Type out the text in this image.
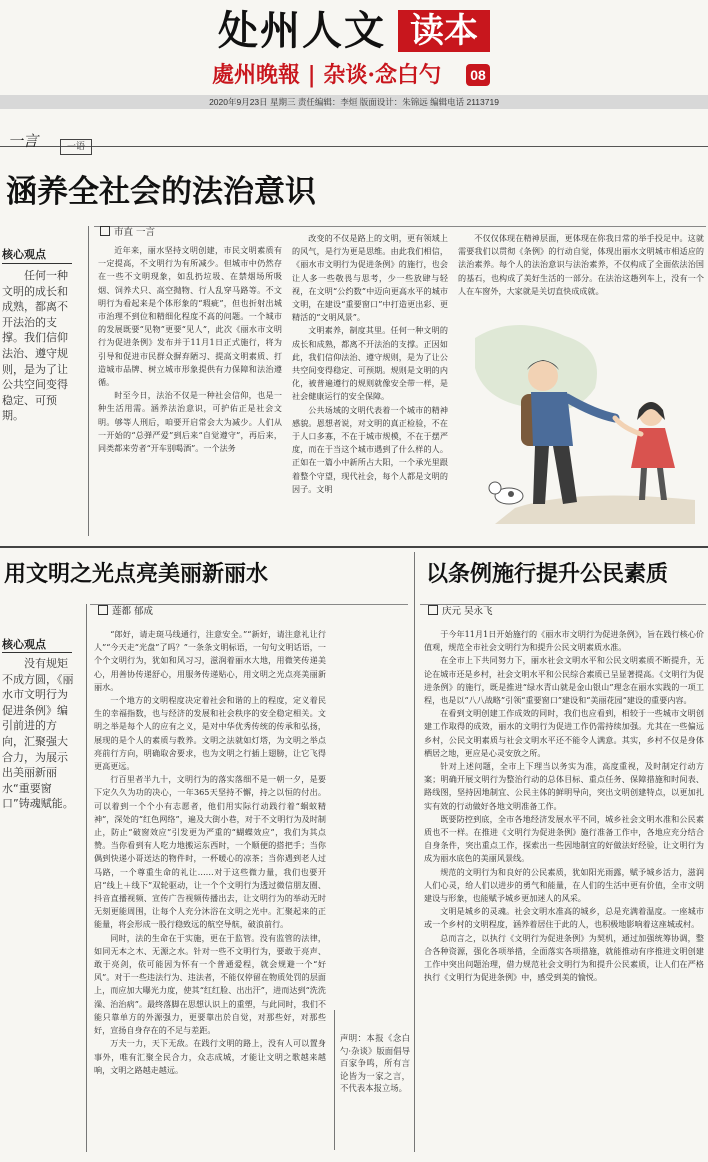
处州人文 读本
處州晚報 | 杂谈·念白勺	08
2020年9月23日 星期三 责任编辑：李烜 版面设计：朱锦远 编辑电话 2113719
一言	一语
涵养全社会的法治意识
市直 一言
核心观点
任何一种文明的成长和成熟，都离不开法治的支撑。我们信仰法治、遵守规则，是为了让公共空间变得稳定、可预期。

近年来，丽水坚持文明创建，市民文明素质有一定提高，不文明行为有所减少。但城市中仍然存在一些不文明现象，如乱扔垃圾、在禁烟场所吸烟、饲养犬只、高空抛物、行人乱穿马路等。不文明行为看起来是个体形象的“瑕疵”，但也折射出城市治理不到位和精细化程度不高的问题。一个城市的发展既要“见物”更要“见人”，此次《丽水市文明行为促进条例》发布并于11月1日正式施行，将为引导和促进市民群众摒弃陋习、提高文明素质、打造城市品牌、树立城市形象提供有力保障和法治遵循。

时至今日，法治不仅是一种社会信仰，也是一种生活用需。涵养法治意识，可护佑正是社会文明。够等人刑后，咱要开启常会大为减少。人们从一开始的“总弹严爱”到后来“自觉遵守”，再后来，同类都来劳者“开车别喝酒”。一个法务

改变的不仅是路上的文明，更有领域上的风气，是行为更是思维。由此我们相信，《丽水市文明行为促进条例》的施行，也会让人多一些敬畏与思考，少一些放肆与轻视，在文明“公约数”中迈向更高水平的城市文明，在建设“重要窗口”中打造更出彩、更精活的“文明风景”。

文明素养，制度其里。任何一种文明的成长和成熟，都离不开法治的支撑。正因如此，我们信仰法治、遵守规则，是为了让公共空间变得稳定、可预期。规则是文明的内化，被普遍遵行的规则就像安全带一样，是社会健康运行的安全保障。

公共场域的文明代表着一个城市的精神感貌。恩想者说，对文明的真正检验，不在于人口多寡，不在于城市规模，不在于摆严度，而在于当这个城市遇到了什么样的人。正如在一篇小中新所占大阳，一个承光里跟着整个守望，现代社会，每个人都是文明的因子。文明

不仅仅体现在精神层面，更体现在你我日常的举手投足中。这就需要我们以贯彻《条例》的行动自觉，体现出丽水文明城市相适应的法治素养。每个人的法治意识与法治素养，不仅构成了全面依法治国的基石，也构成了美好生活的一部分。在法治这趟列车上，没有一个人在车窗外，大家就是关切直快成成就。

用文明之光点亮美丽新丽水
莲都 郁成
核心观点
没有规矩不成方圆，《丽水市文明行为促进条例》编引前进的方向，汇聚强大合力，为展示出美丽新丽水“重要窗口”铸魂赋能。

“郎好，请走斑马线通行，注意安全。”“新好，请注意礼让行人”“今天走“光盘”了吗？”一条条文明标语，一句句文明话语，一个个文明行为，犹如和风习习，滋润着丽水大地，用微笑传递美心，用善协传递舒心，用服务传递贴心，用文明之光点亮美丽新丽水。

一个地方的文明程度决定着社会和谐的上的程度，定义着民生的幸福指数，也与经济的发展和社会秩序的安全稳定相关。文明之举是每个人的应有之义，是对中华优秀传统的传承和弘扬，展现的是个人的素质与教养。文明之法就如灯塔，为文明之举点亮前行方向，明确取舍要求，也为文明之行插上翅膀，让它飞得更高更远。

行百里者半九十，文明行为的落实落细不是一朝一夕，是要下定久久为功的决心，一年365天坚持不懈，持之以恒的付出。可以着到一个个小有志愿者，他们用实际行动践行着“蜗蚁精神”，深处的“红色网络”，遍及大街小巷，对于不文明行为及时制止，防止“破窗效应”引发更为严重的“蝴蝶效应”，我们为其点赞。当你看到有人吃力地搬运东西时，一个顺便的搭把手；当你偶到快递小哥送达的物件时，一杯暖心的凉茶；当你遇到老人过马路，一个尊重生命的礼让……对于这些微力量，我们也要开启“线上＋线下”双轮驱动，让一个个文明行为透过微信朋友圈、抖音直播视频、宣传广告视频传播出去，让文明行为的举动无时无刻更能周围，让每个人充分沐浴在文明之光中。汇聚起来的正能量，将会形成一股行稳致远的航空导航，破浪前行。

同时，法的生命在于实施，更在于监管。没有监管的法律，如同无本之木、无源之水。针对一些不文明行为，要敢于亮声、敢于亮剑，依可能因为怀有一个普通爱程，就会规避一个“好风”。对于一些违法行为、违法者，不能仅停留在物质处罚的层面上，而应加大曝光力度，使其“红红脸、出出汗”，进而达到“洗洗澡、治治病”。最终落脚在思想认识上的重塑，与此同时，我们不能只靠单方的外源强力，更要靠出於自觉，对那些好，对那些好，宣扬自身存在的不足与差距。

万夫一力，天下无敌。在践行文明的路上，没有人可以置身事外，唯有汇聚全民合力，众志成城，才能让文明之歌越来越响，文明之路越走越远。

声明：本报《念白勺·杂谈》版面倡导百家争鸣，所有言论皆为一家之言，不代表本报立场。
以条例施行提升公民素质
庆元 吴永飞

于今年11月1日开始施行的《丽水市文明行为促进条例》，旨在践行核心价值观，规范全市社会文明行为和提升公民文明素质水准。

在全市上下共同努力下，丽水社会文明水平和公民文明素质不断提升，无论在城市还是乡村，社会文明水平和公民综合素质已呈显著提高。《文明行为促进条例》的施行，既是推进“绿水青山就是金山银山”理念在丽水实践的一项工程，也是以“八八战略”引领“重要窗口”建设和“美丽花园”建设的重要内容。

在看到文明创建工作成效的同时，我们也应看到，相较于一些城市文明创建工作取得的成效，丽水的文明行为促进工作仍需持续加强。尤其在一些偏远乡村，公民文明素质与社会文明水平还不能令人满意。其实，乡村不仅是身体栖居之地，更应是心灵安放之所。

针对上述问题，全市上下理当以务实为准，高度重视，及时制定行动方案；明确开展文明行为整治行动的总体目标、重点任务、保障措施和时间表、路线图，坚持因地制宜、公民主体的鲜明导向，突出文明创建特点，以更加扎实有效的行动做好各地文明准备工作。

既要防控到底，全市各地经济发展水平不同，城乡社会文明水准和公民素质也不一样。在推进《文明行为促进条例》施行准备工作中，各地应充分结合自身条件，突出重点工作，探索出一些因地制宜的好做法好经验，让文明行为成为丽水底色的美丽风景线。

规范的文明行为和良好的公民素质，犹如阳光雨露，赋予城乡活力，滋润人们心灵，给人们以进步的勇气和能量，在人们的生活中更有价值，全市文明建设与形象，也能赋予城乡更加迷人的风采。

文明是城乡的灵魂。社会文明水准高的城乡，总是充满着温度。一座城市或一个乡村的文明程度，涵养着居住于此的人，也积极地影响着这座城或村。

总而言之，以执行《文明行为促进条例》为契机，通过加强统筹协调，整合各种资源，强化各项举措，全面落实各项措施，就能推动有序推进文明创建工作中突出问题治理，借力规范社会文明行为和提升公民素质，让人们在严格执行《文明行为促进条例》中，感受到美的愉悦。
